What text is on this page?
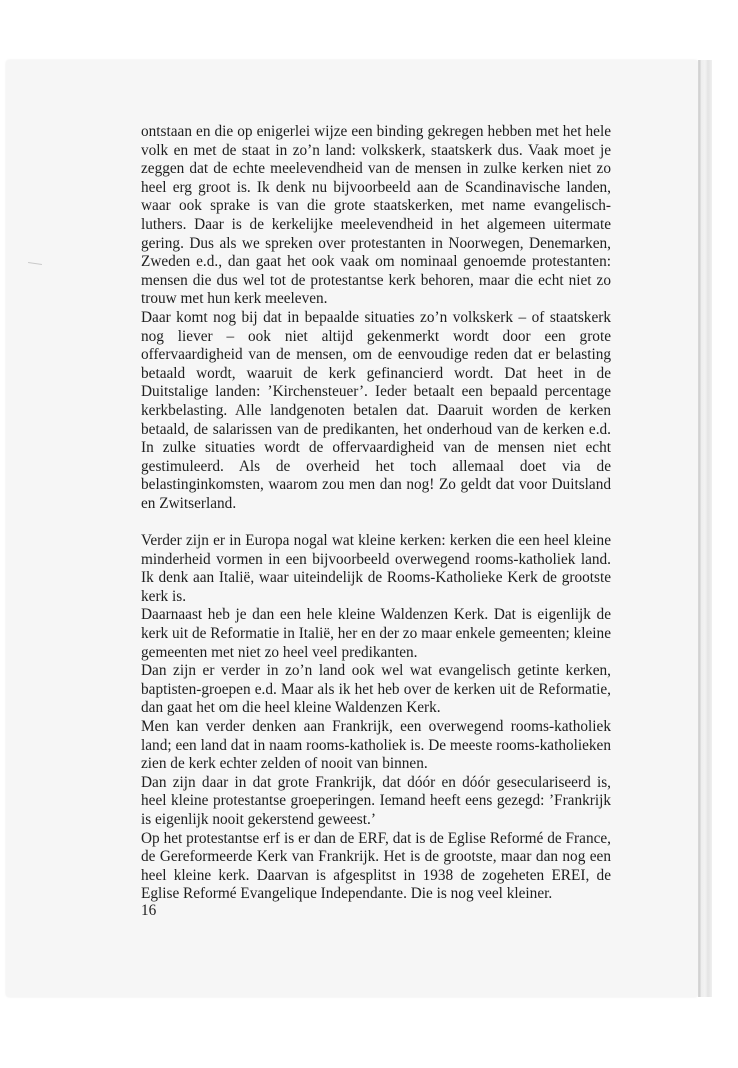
ontstaan en die op enigerlei wijze een binding gekregen hebben met het hele volk en met de staat in zo’n land: volkskerk, staatskerk dus. Vaak moet je zeggen dat de echte meelevendheid van de mensen in zulke kerken niet zo heel erg groot is. Ik denk nu bijvoorbeeld aan de Scandinavische landen, waar ook sprake is van die grote staatskerken, met name evangelisch-luthers. Daar is de kerkelijke meelevendheid in het algemeen uitermate gering. Dus als we spreken over protestanten in Noorwegen, Denemarken, Zweden e.d., dan gaat het ook vaak om nominaal genoemde protestanten: mensen die dus wel tot de protestantse kerk behoren, maar die echt niet zo trouw met hun kerk meeleven.

Daar komt nog bij dat in bepaalde situaties zo’n volkskerk – of staatskerk nog liever – ook niet altijd gekenmerkt wordt door een grote offervaardigheid van de mensen, om de eenvoudige reden dat er belasting betaald wordt, waaruit de kerk gefinancierd wordt. Dat heet in de Duitstalige landen: ’Kirchensteuer’. Ieder betaalt een bepaald percentage kerkbelasting. Alle landgenoten betalen dat. Daaruit worden de kerken betaald, de salarissen van de predikanten, het onderhoud van de kerken e.d. In zulke situaties wordt de offervaardigheid van de mensen niet echt gestimuleerd. Als de overheid het toch allemaal doet via de belastinginkomsten, waarom zou men dan nog! Zo geldt dat voor Duitsland en Zwitserland.

Verder zijn er in Europa nogal wat kleine kerken: kerken die een heel kleine minderheid vormen in een bijvoorbeeld overwegend rooms-katholiek land. Ik denk aan Italië, waar uiteindelijk de Rooms-Katholieke Kerk de grootste kerk is.

Daarnaast heb je dan een hele kleine Waldenzen Kerk. Dat is eigenlijk de kerk uit de Reformatie in Italië, her en der zo maar enkele gemeenten; kleine gemeenten met niet zo heel veel predikanten.

Dan zijn er verder in zo’n land ook wel wat evangelisch getinte kerken, baptisten-groepen e.d. Maar als ik het heb over de kerken uit de Reformatie, dan gaat het om die heel kleine Waldenzen Kerk.

Men kan verder denken aan Frankrijk, een overwegend rooms-katholiek land; een land dat in naam rooms-katholiek is. De meeste rooms-katholieken zien de kerk echter zelden of nooit van binnen.

Dan zijn daar in dat grote Frankrijk, dat dóór en dóór geseculariseerd is, heel kleine protestantse groeperingen. Iemand heeft eens gezegd: ’Frankrijk is eigenlijk nooit gekerstend geweest.’

Op het protestantse erf is er dan de ERF, dat is de Eglise Reformé de France, de Gereformeerde Kerk van Frankrijk. Het is de grootste, maar dan nog een heel kleine kerk. Daarvan is afgesplitst in 1938 de zogeheten EREI, de Eglise Reformé Evangelique Independante. Die is nog veel kleiner.

16
